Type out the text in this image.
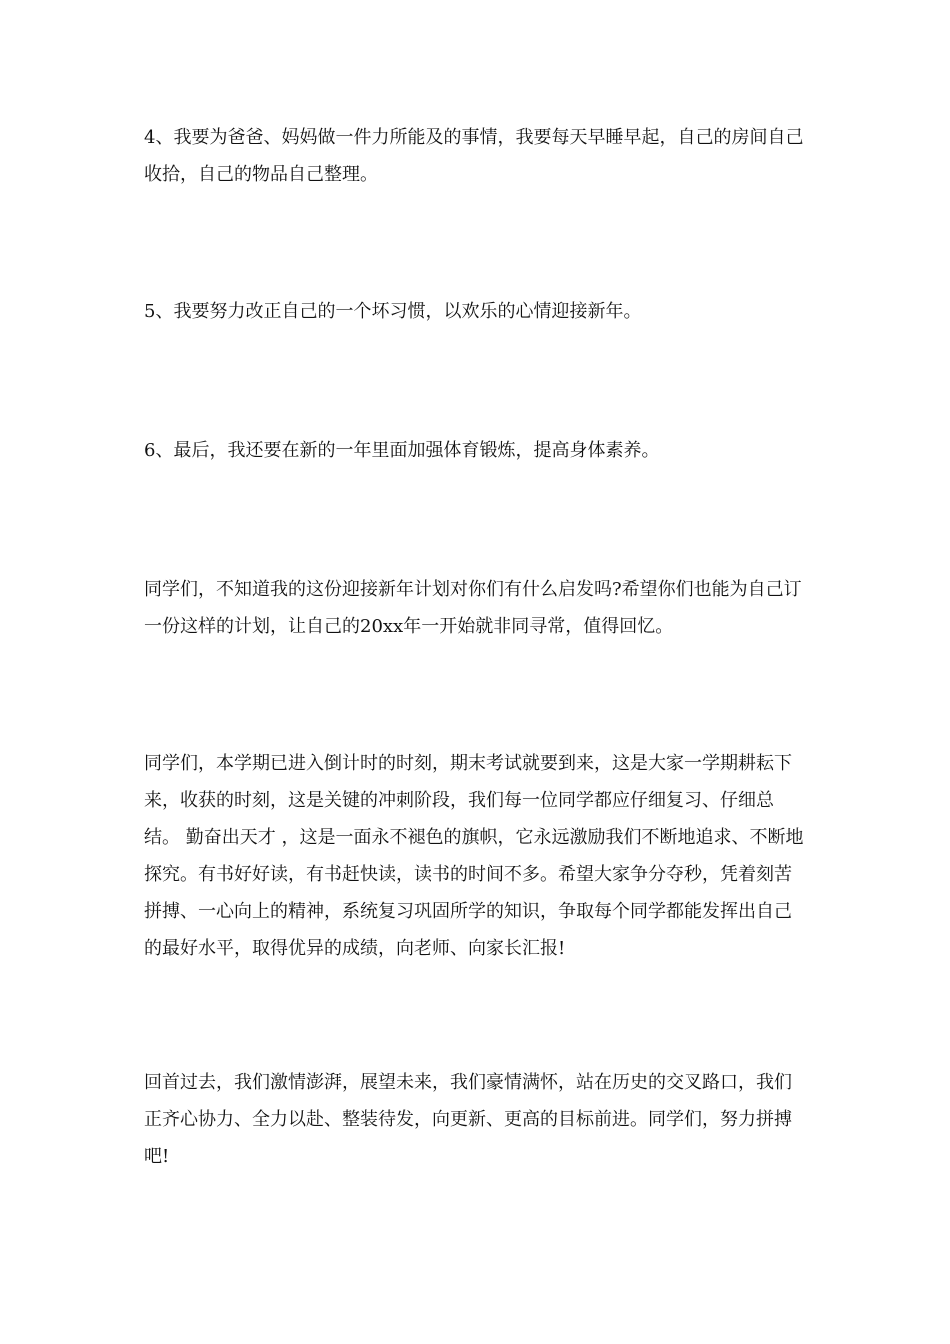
4、我要为爸爸、妈妈做一件力所能及的事情，我要每天早睡早起，自己的房间自己收拾，自己的物品自己整理。

5、我要努力改正自己的一个坏习惯，以欢乐的心情迎接新年。

6、最后，我还要在新的一年里面加强体育锻炼，提高身体素养。

同学们，不知道我的这份迎接新年计划对你们有什么启发吗?希望你们也能为自己订一份这样的计划，让自己的20xx年一开始就非同寻常，值得回忆。

同学们，本学期已进入倒计时的时刻，期末考试就要到来，这是大家一学期耕耘下来，收获的时刻，这是关键的冲刺阶段，我们每一位同学都应仔细复习、仔细总结。 勤奋出天才 ，这是一面永不褪色的旗帜，它永远激励我们不断地追求、不断地探究。有书好好读，有书赶快读，读书的时间不多。希望大家争分夺秒，凭着刻苦拼搏、一心向上的精神，系统复习巩固所学的知识，争取每个同学都能发挥出自己的最好水平，取得优异的成绩，向老师、向家长汇报!

回首过去，我们激情澎湃，展望未来，我们豪情满怀，站在历史的交叉路口，我们正齐心协力、全力以赴、整装待发，向更新、更高的目标前进。同学们，努力拼搏吧!
